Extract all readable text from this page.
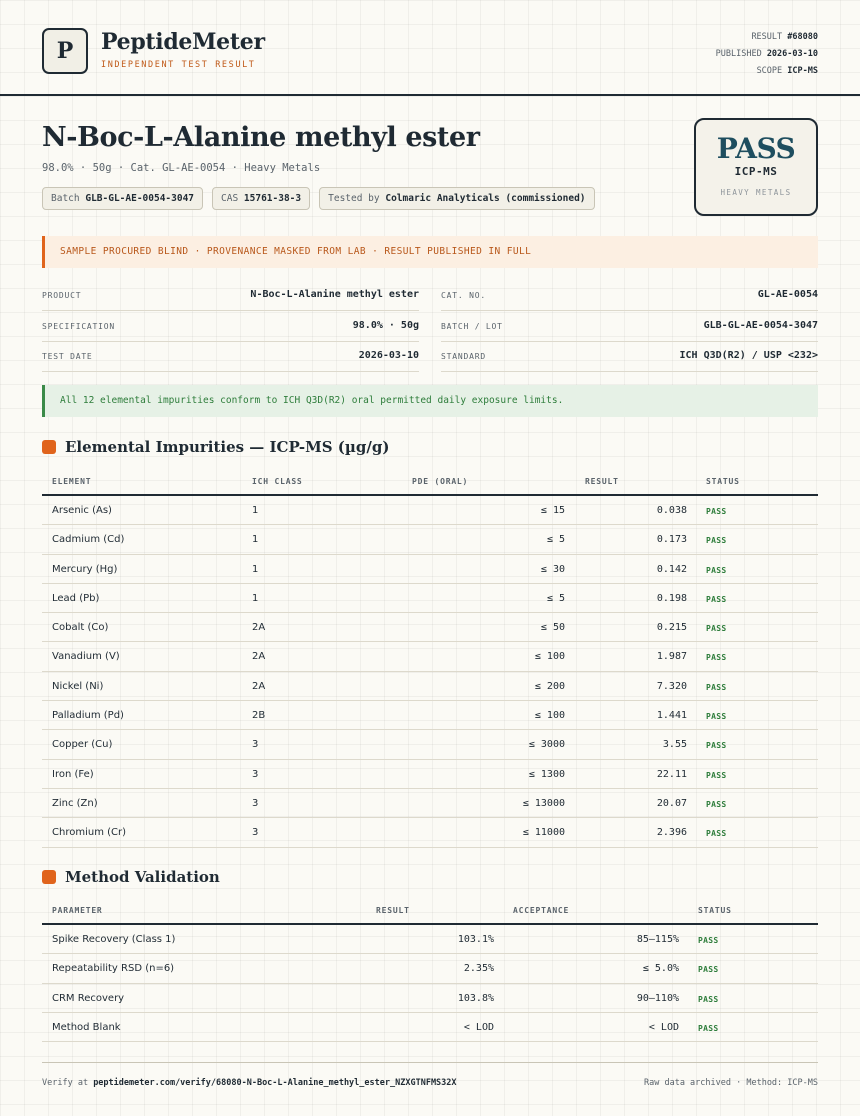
P PeptideMeter
INDEPENDENT TEST RESULT
RESULT #68080
PUBLISHED 2026-03-10
SCOPE ICP-MS
N-Boc-L-Alanine methyl ester
98.0% · 50g · Cat. GL-AE-0054 · Heavy Metals
Batch GLB-GL-AE-0054-3047	CAS 15761-38-3	Tested by Colmaric Analyticals (commissioned)
PASS
ICP-MS
HEAVY METALS
SAMPLE PROCURED BLIND · PROVENANCE MASKED FROM LAB · RESULT PUBLISHED IN FULL
PRODUCT	N-Boc-L-Alanine methyl ester	CAT. NO.	GL-AE-0054
SPECIFICATION	98.0% · 50g	BATCH / LOT	GLB-GL-AE-0054-3047
TEST DATE	2026-03-10	STANDARD	ICH Q3D(R2) / USP <232>
All 12 elemental impurities conform to ICH Q3D(R2) oral permitted daily exposure limits.
Elemental Impurities — ICP-MS (µg/g)
ELEMENT	ICH CLASS	PDE (ORAL)	RESULT	STATUS
Arsenic (As)	1	≤ 15	0.038 PASS
Cadmium (Cd)	1	≤ 5	0.173 PASS
Mercury (Hg)	1	≤ 30	0.142 PASS
Lead (Pb)	1	≤ 5	0.198 PASS
Cobalt (Co)	2A	≤ 50	0.215 PASS
Vanadium (V)	2A	≤ 100	1.987 PASS
Nickel (Ni)	2A	≤ 200	7.320 PASS
Palladium (Pd)	2B	≤ 100	1.441 PASS
Copper (Cu)	3	≤ 3000	3.55 PASS
Iron (Fe)	3	≤ 1300	22.11 PASS
Zinc (Zn)	3	≤ 13000	20.07 PASS
Chromium (Cr)	3	≤ 11000	2.396 PASS
Method Validation
PARAMETER	RESULT	ACCEPTANCE	STATUS
Spike Recovery (Class 1)	103.1%	85–115% PASS
Repeatability RSD (n=6)	2.35%	≤ 5.0% PASS
CRM Recovery	103.8%	90–110% PASS
Method Blank	< LOD	< LOD PASS
Verify at peptidemeter.com/verify/68080-N-Boc-L-Alanine_methyl_ester_NZXGTNFMS32X	Raw data archived · Method: ICP-MS
